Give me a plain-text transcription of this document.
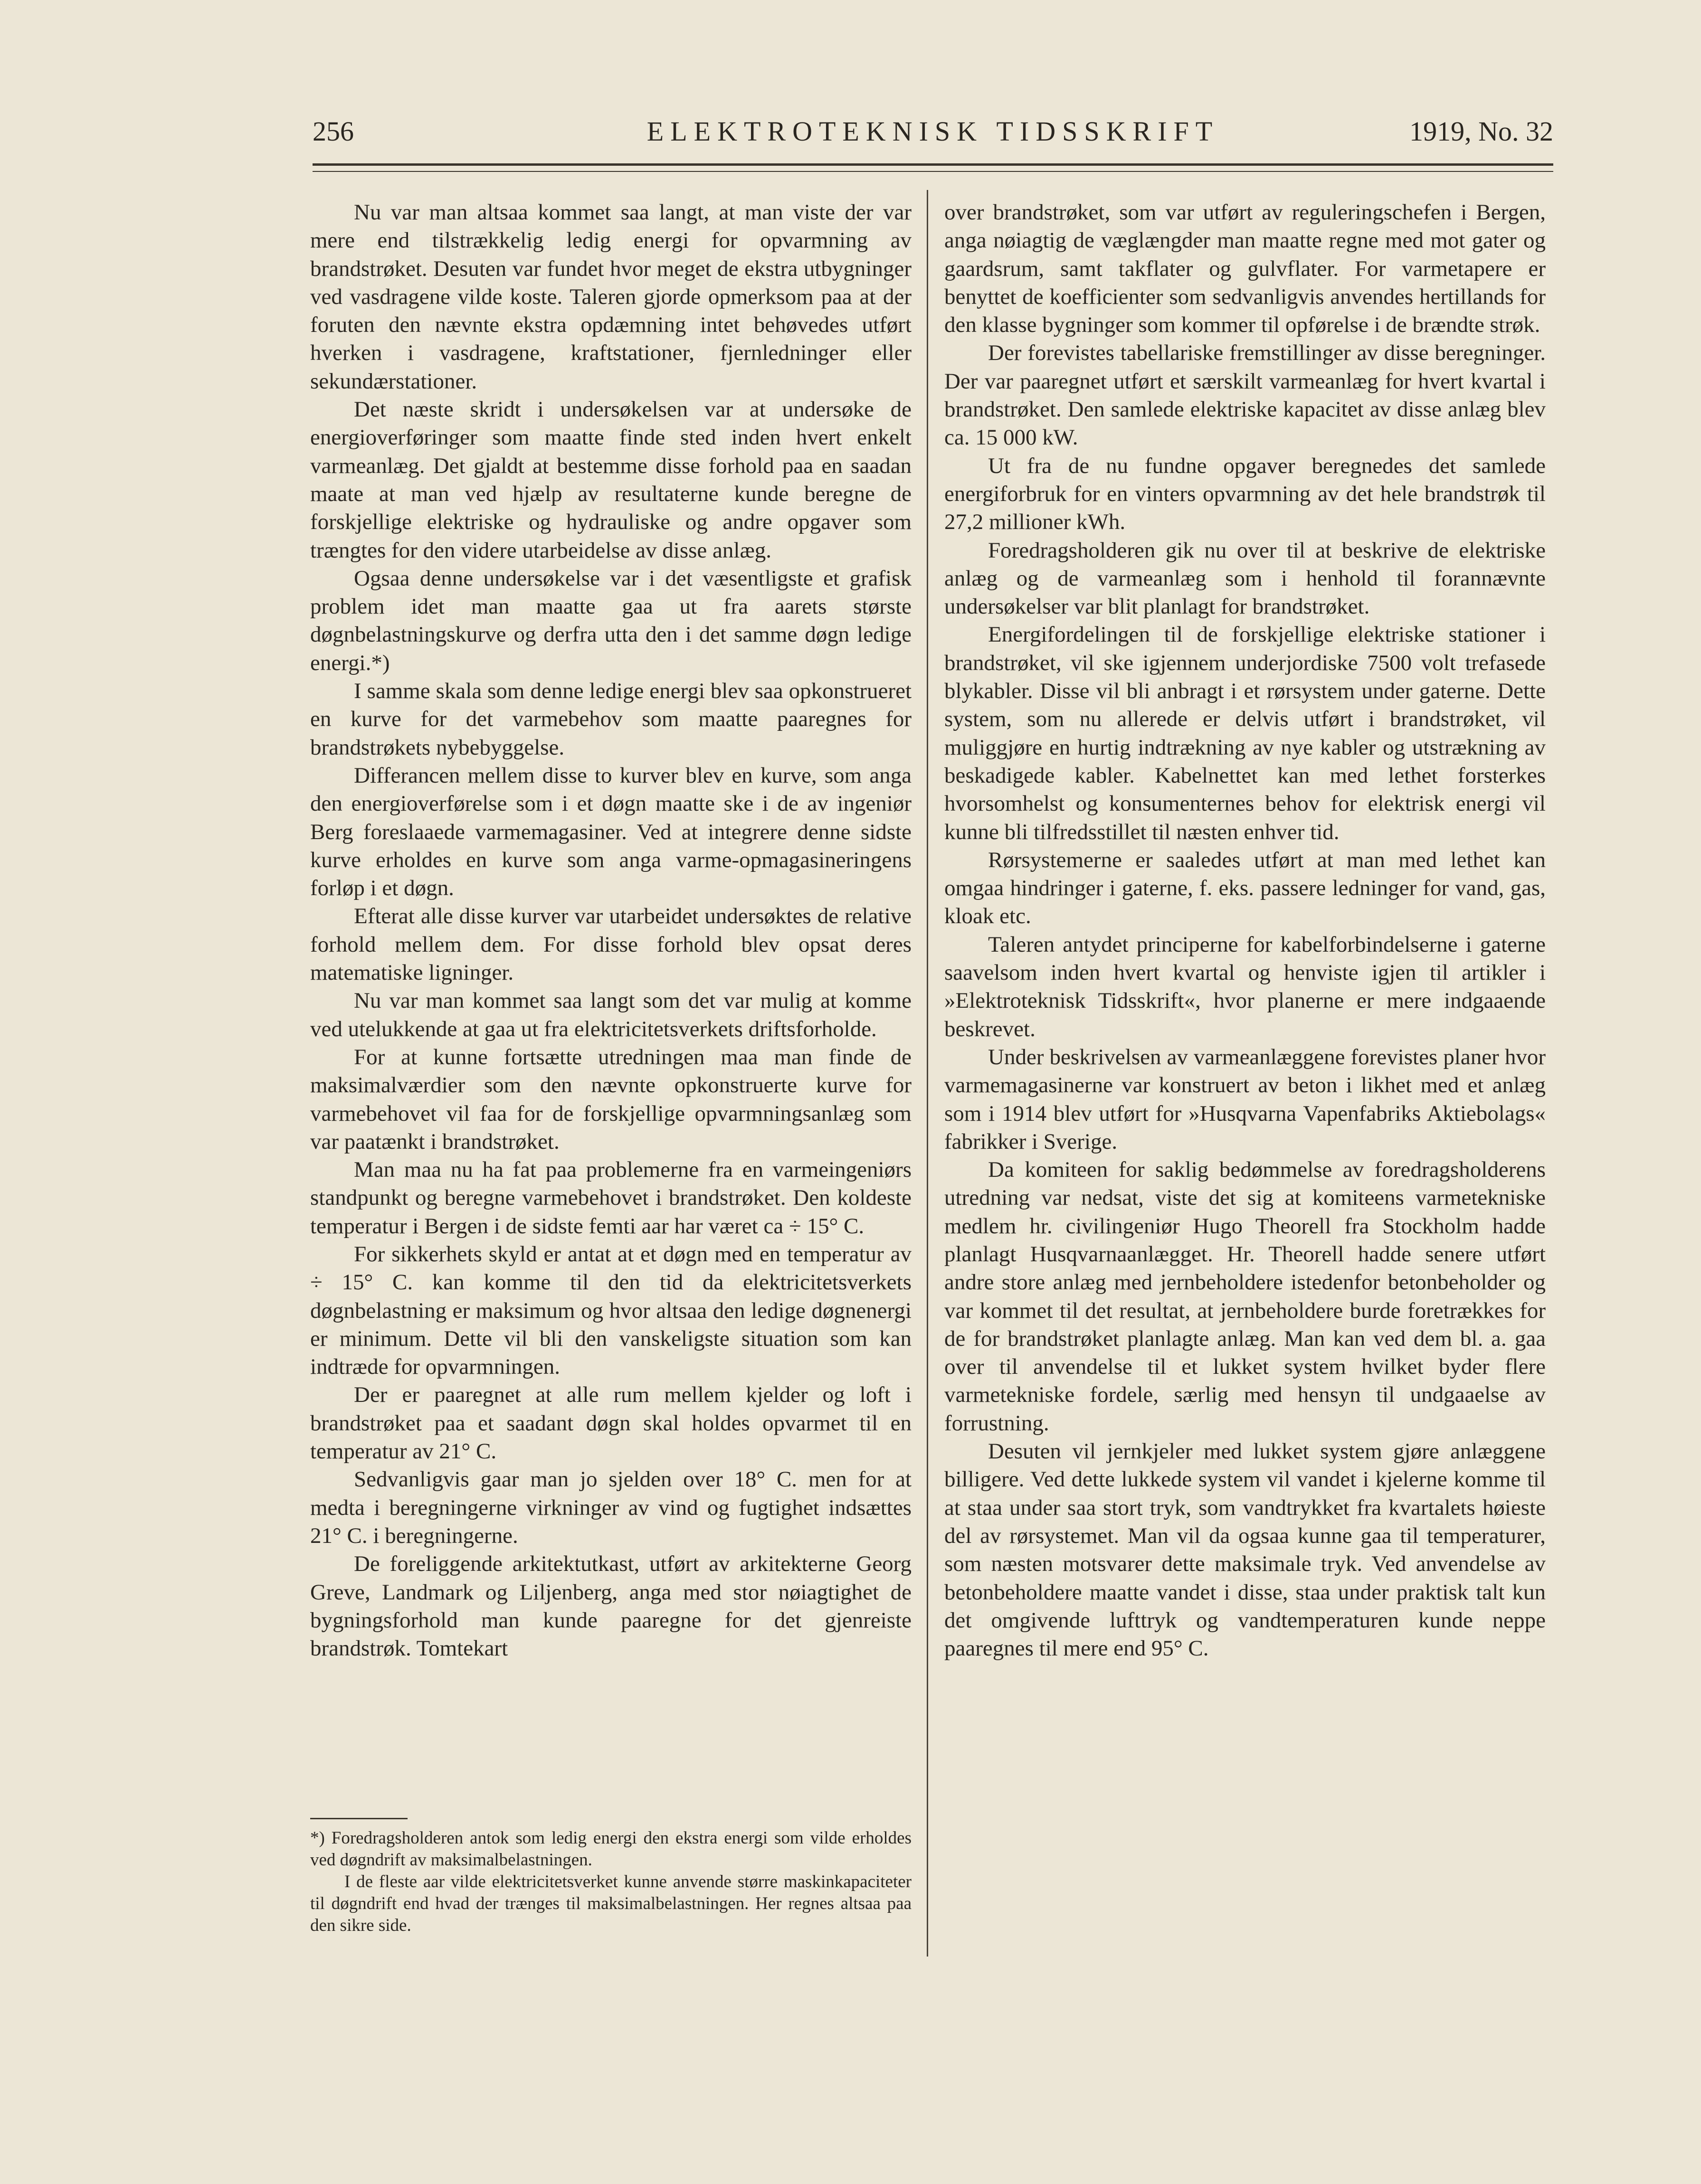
256	ELEKTROTEKNISK TIDSSKRIFT	1919, No. 32

Nu var man altsaa kommet saa langt, at man viste der var mere end tilstrækkelig ledig energi for opvarmning av brandstrøket. Desuten var fundet hvor meget de ekstra utbygninger ved vasdragene vilde koste. Taleren gjorde opmerksom paa at der foruten den nævnte ekstra opdæmning intet behøvedes utført hverken i vasdragene, kraftstationer, fjernledninger eller sekundærstationer.

Det næste skridt i undersøkelsen var at undersøke de energioverføringer som maatte finde sted inden hvert enkelt varmeanlæg. Det gjaldt at bestemme disse forhold paa en saadan maate at man ved hjælp av resultaterne kunde beregne de forskjellige elektriske og hydrauliske og andre opgaver som trængtes for den videre utarbeidelse av disse anlæg.

Ogsaa denne undersøkelse var i det væsentligste et grafisk problem idet man maatte gaa ut fra aarets største døgnbelastningskurve og derfra utta den i det samme døgn ledige energi.*)

I samme skala som denne ledige energi blev saa opkonstrueret en kurve for det varmebehov som maatte paaregnes for brandstrøkets nybebyggelse.

Differancen mellem disse to kurver blev en kurve, som anga den energioverførelse som i et døgn maatte ske i de av ingeniør Berg foreslaaede varmemagasiner. Ved at integrere denne sidste kurve erholdes en kurve som anga varme-opmagasineringens forløp i et døgn.

Efterat alle disse kurver var utarbeidet undersøktes de relative forhold mellem dem. For disse forhold blev opsat deres matematiske ligninger.

Nu var man kommet saa langt som det var mulig at komme ved utelukkende at gaa ut fra elektricitetsverkets driftsforholde.

For at kunne fortsætte utredningen maa man finde de maksimalværdier som den nævnte opkonstruerte kurve for varmebehovet vil faa for de forskjellige opvarmningsanlæg som var paatænkt i brandstrøket.

Man maa nu ha fat paa problemerne fra en varmeingeniørs standpunkt og beregne varmebehovet i brandstrøket. Den koldeste temperatur i Bergen i de sidste femti aar har været ca ÷ 15° C.

For sikkerhets skyld er antat at et døgn med en temperatur av ÷ 15° C. kan komme til den tid da elektricitetsverkets døgnbelastning er maksimum og hvor altsaa den ledige døgnenergi er minimum. Dette vil bli den vanskeligste situation som kan indtræde for opvarmningen.

Der er paaregnet at alle rum mellem kjelder og loft i brandstrøket paa et saadant døgn skal holdes opvarmet til en temperatur av 21° C.

Sedvanligvis gaar man jo sjelden over 18° C. men for at medta i beregningerne virkninger av vind og fugtighet indsættes 21° C. i beregningerne.

De foreliggende arkitektutkast, utført av arkitekterne Georg Greve, Landmark og Liljenberg, anga med stor nøiagtighet de bygningsforhold man kunde paaregne for det gjenreiste brandstrøk. Tomtekart

over brandstrøket, som var utført av reguleringschefen i Bergen, anga nøiagtig de væglængder man maatte regne med mot gater og gaardsrum, samt takflater og gulvflater. For varmetapere er benyttet de koefficienter som sedvanligvis anvendes hertillands for den klasse bygninger som kommer til opførelse i de brændte strøk.

Der forevistes tabellariske fremstillinger av disse beregninger. Der var paaregnet utført et særskilt varmeanlæg for hvert kvartal i brandstrøket. Den samlede elektriske kapacitet av disse anlæg blev ca. 15 000 kW.

Ut fra de nu fundne opgaver beregnedes det samlede energiforbruk for en vinters opvarmning av det hele brandstrøk til 27,2 millioner kWh.

Foredragsholderen gik nu over til at beskrive de elektriske anlæg og de varmeanlæg som i henhold til forannævnte undersøkelser var blit planlagt for brandstrøket.

Energifordelingen til de forskjellige elektriske stationer i brandstrøket, vil ske igjennem underjordiske 7500 volt trefasede blykabler. Disse vil bli anbragt i et rørsystem under gaterne. Dette system, som nu allerede er delvis utført i brandstrøket, vil muliggjøre en hurtig indtrækning av nye kabler og utstrækning av beskadigede kabler. Kabelnettet kan med lethet forsterkes hvorsomhelst og konsumenternes behov for elektrisk energi vil kunne bli tilfredsstillet til næsten enhver tid.

Rørsystemerne er saaledes utført at man med lethet kan omgaa hindringer i gaterne, f. eks. passere ledninger for vand, gas, kloak etc.

Taleren antydet principerne for kabelforbindelserne i gaterne saavelsom inden hvert kvartal og henviste igjen til artikler i »Elektroteknisk Tidsskrift«, hvor planerne er mere indgaaende beskrevet.

Under beskrivelsen av varmeanlæggene forevistes planer hvor varmemagasinerne var konstruert av beton i likhet med et anlæg som i 1914 blev utført for »Husqvarna Vapenfabriks Aktiebolags« fabrikker i Sverige.

Da komiteen for saklig bedømmelse av foredragsholderens utredning var nedsat, viste det sig at komiteens varmetekniske medlem hr. civilingeniør Hugo Theorell fra Stockholm hadde planlagt Husqvarnaanlægget. Hr. Theorell hadde senere utført andre store anlæg med jernbeholdere istedenfor betonbeholder og var kommet til det resultat, at jernbeholdere burde foretrækkes for de for brandstrøket planlagte anlæg. Man kan ved dem bl. a. gaa over til anvendelse til et lukket system hvilket byder flere varmetekniske fordele, særlig med hensyn til undgaaelse av forrustning.

Desuten vil jernkjeler med lukket system gjøre anlæggene billigere. Ved dette lukkede system vil vandet i kjelerne komme til at staa under saa stort tryk, som vandtrykket fra kvartalets høieste del av rørsystemet. Man vil da ogsaa kunne gaa til temperaturer, som næsten motsvarer dette maksimale tryk. Ved anvendelse av betonbeholdere maatte vandet i disse, staa under praktisk talt kun det omgivende lufttryk og vandtemperaturen kunde neppe paaregnes til mere end 95° C.

*) Foredragsholderen antok som ledig energi den ekstra energi som vilde erholdes ved døgndrift av maksimalbelastningen.

I de fleste aar vilde elektricitetsverket kunne anvende større maskinkapaciteter til døgndrift end hvad der trænges til maksimalbelastningen. Her regnes altsaa paa den sikre side.
